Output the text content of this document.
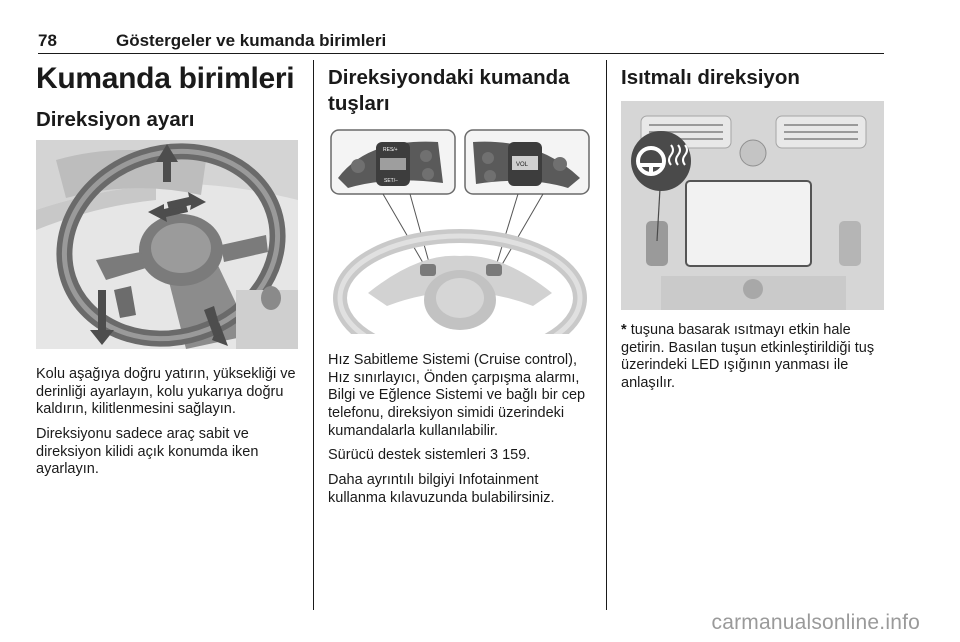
78	Göstergeler ve kumanda birimleri
Kumanda birimleri
Direksiyon ayarı

Kolu aşağıya doğru yatırın, yüksekliği ve derinliği ayarlayın, kolu yukarıya doğru kaldırın, kilitlenmesini sağlayın.

Direksiyonu sadece araç sabit ve direksiyon kilidi açık konumda iken ayarlayın.

Direksiyondaki kumanda
tuşları
RES/+
SET/−
VOL

Hız Sabitleme Sistemi (Cruise control), Hız sınırlayıcı, Önden çarpışma alarmı, Bilgi ve Eğlence Sistemi ve bağlı bir cep telefonu, direksiyon simidi üzerindeki kumandalarla kullanılabilir.

Sürücü destek sistemleri 3 159.

Daha ayrıntılı bilgiyi Infotainment kullanma kılavuzunda bulabilirsiniz.

Isıtmalı direksiyon

* tuşuna basarak ısıtmayı etkin hale getirin. Basılan tuşun etkinleştirildiği tuş üzerindeki LED ışığının yanması ile anlaşılır.

carmanualsonline.info
